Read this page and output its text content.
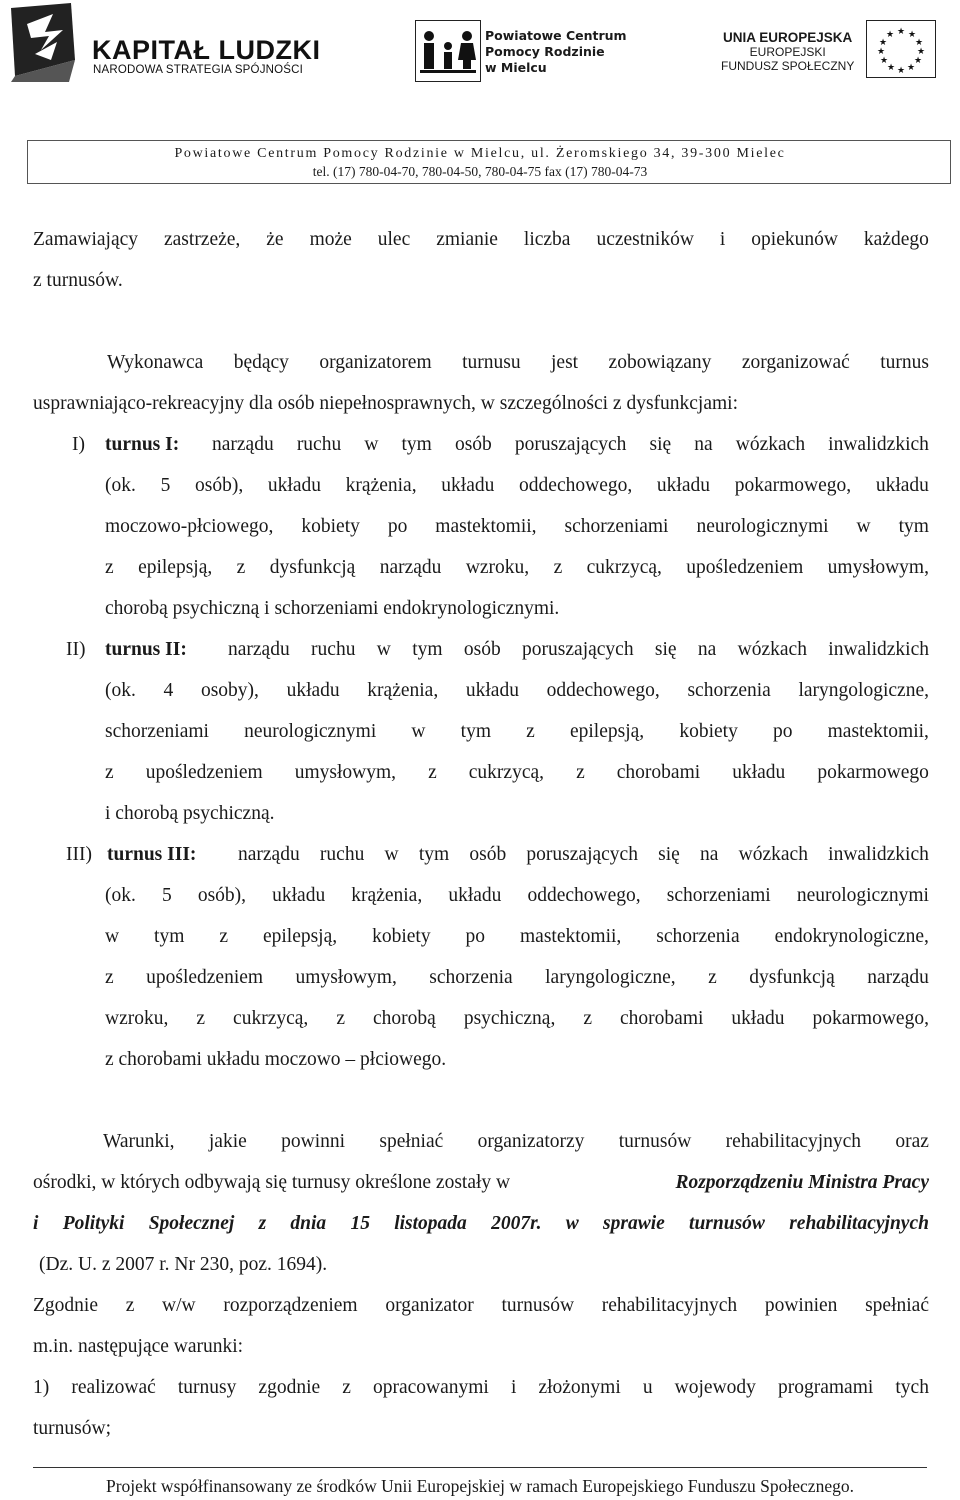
KAPITAŁ LUDZKI
NARODOWA STRATEGIA SPÓJNOŚCI
Powiatowe Centrum
Pomocy Rodzinie
w Mielcu
UNIA EUROPEJSKA
EUROPEJSKI
FUNDUSZ SPOŁECZNY
★ ★
★
★
★
★
★
★
★
★
★
★
Powiatowe Centrum Pomocy Rodzinie w Mielcu, ul. Żeromskiego 34, 39-300 Mielec
tel. (17) 780-04-70, 780-04-50, 780-04-75 fax (17) 780-04-73
Zamawiający zastrzeże, że może ulec zmianie liczba uczestników i opiekunów każdego
z turnusów.
Wykonawca będący organizatorem turnusu jest zobowiązany zorganizować turnus
usprawniająco-rekreacyjny dla osób niepełnosprawnych, w szczególności z dysfunkcjami:
I) turnus I: narządu ruchu w tym osób poruszających się na wózkach inwalidzkich
(ok. 5 osób), układu krążenia, układu oddechowego, układu pokarmowego, układu
moczowo-płciowego, kobiety po mastektomii, schorzeniami neurologicznymi w tym
z epilepsją, z dysfunkcją narządu wzroku, z cukrzycą, upośledzeniem umysłowym,
chorobą psychiczną i schorzeniami endokrynologicznymi.
II) turnus II: narządu ruchu w tym osób poruszających się na wózkach inwalidzkich
(ok. 4 osoby), układu krążenia, układu oddechowego, schorzenia laryngologiczne,
schorzeniami neurologicznymi w tym z epilepsją, kobiety po mastektomii,
z upośledzeniem umysłowym, z cukrzycą, z chorobami układu pokarmowego
i chorobą psychiczną.
III) turnus III: narządu ruchu w tym osób poruszających się na wózkach inwalidzkich
(ok. 5 osób), układu krążenia, układu oddechowego, schorzeniami neurologicznymi
w tym z epilepsją, kobiety po mastektomii, schorzenia endokrynologiczne,
z upośledzeniem umysłowym, schorzenia laryngologiczne, z dysfunkcją narządu
wzroku, z cukrzycą, z chorobą psychiczną, z chorobami układu pokarmowego,
z chorobami układu moczowo – płciowego.
Warunki, jakie powinni spełniać organizatorzy turnusów rehabilitacyjnych oraz
ośrodki, w których odbywają się turnusy określone zostały w	Rozporządzeniu Ministra Pracy
i Polityki Społecznej z dnia 15 listopada 2007r. w sprawie turnusów rehabilitacyjnych
(Dz. U. z 2007 r. Nr 230, poz. 1694).
Zgodnie z w/w rozporządzeniem organizator turnusów rehabilitacyjnych powinien spełniać
m.in. następujące warunki:
1) realizować turnusy zgodnie z opracowanymi i złożonymi u wojewody programami tych
turnusów;
Projekt współfinansowany ze środków Unii Europejskiej w ramach Europejskiego Funduszu Społecznego.
